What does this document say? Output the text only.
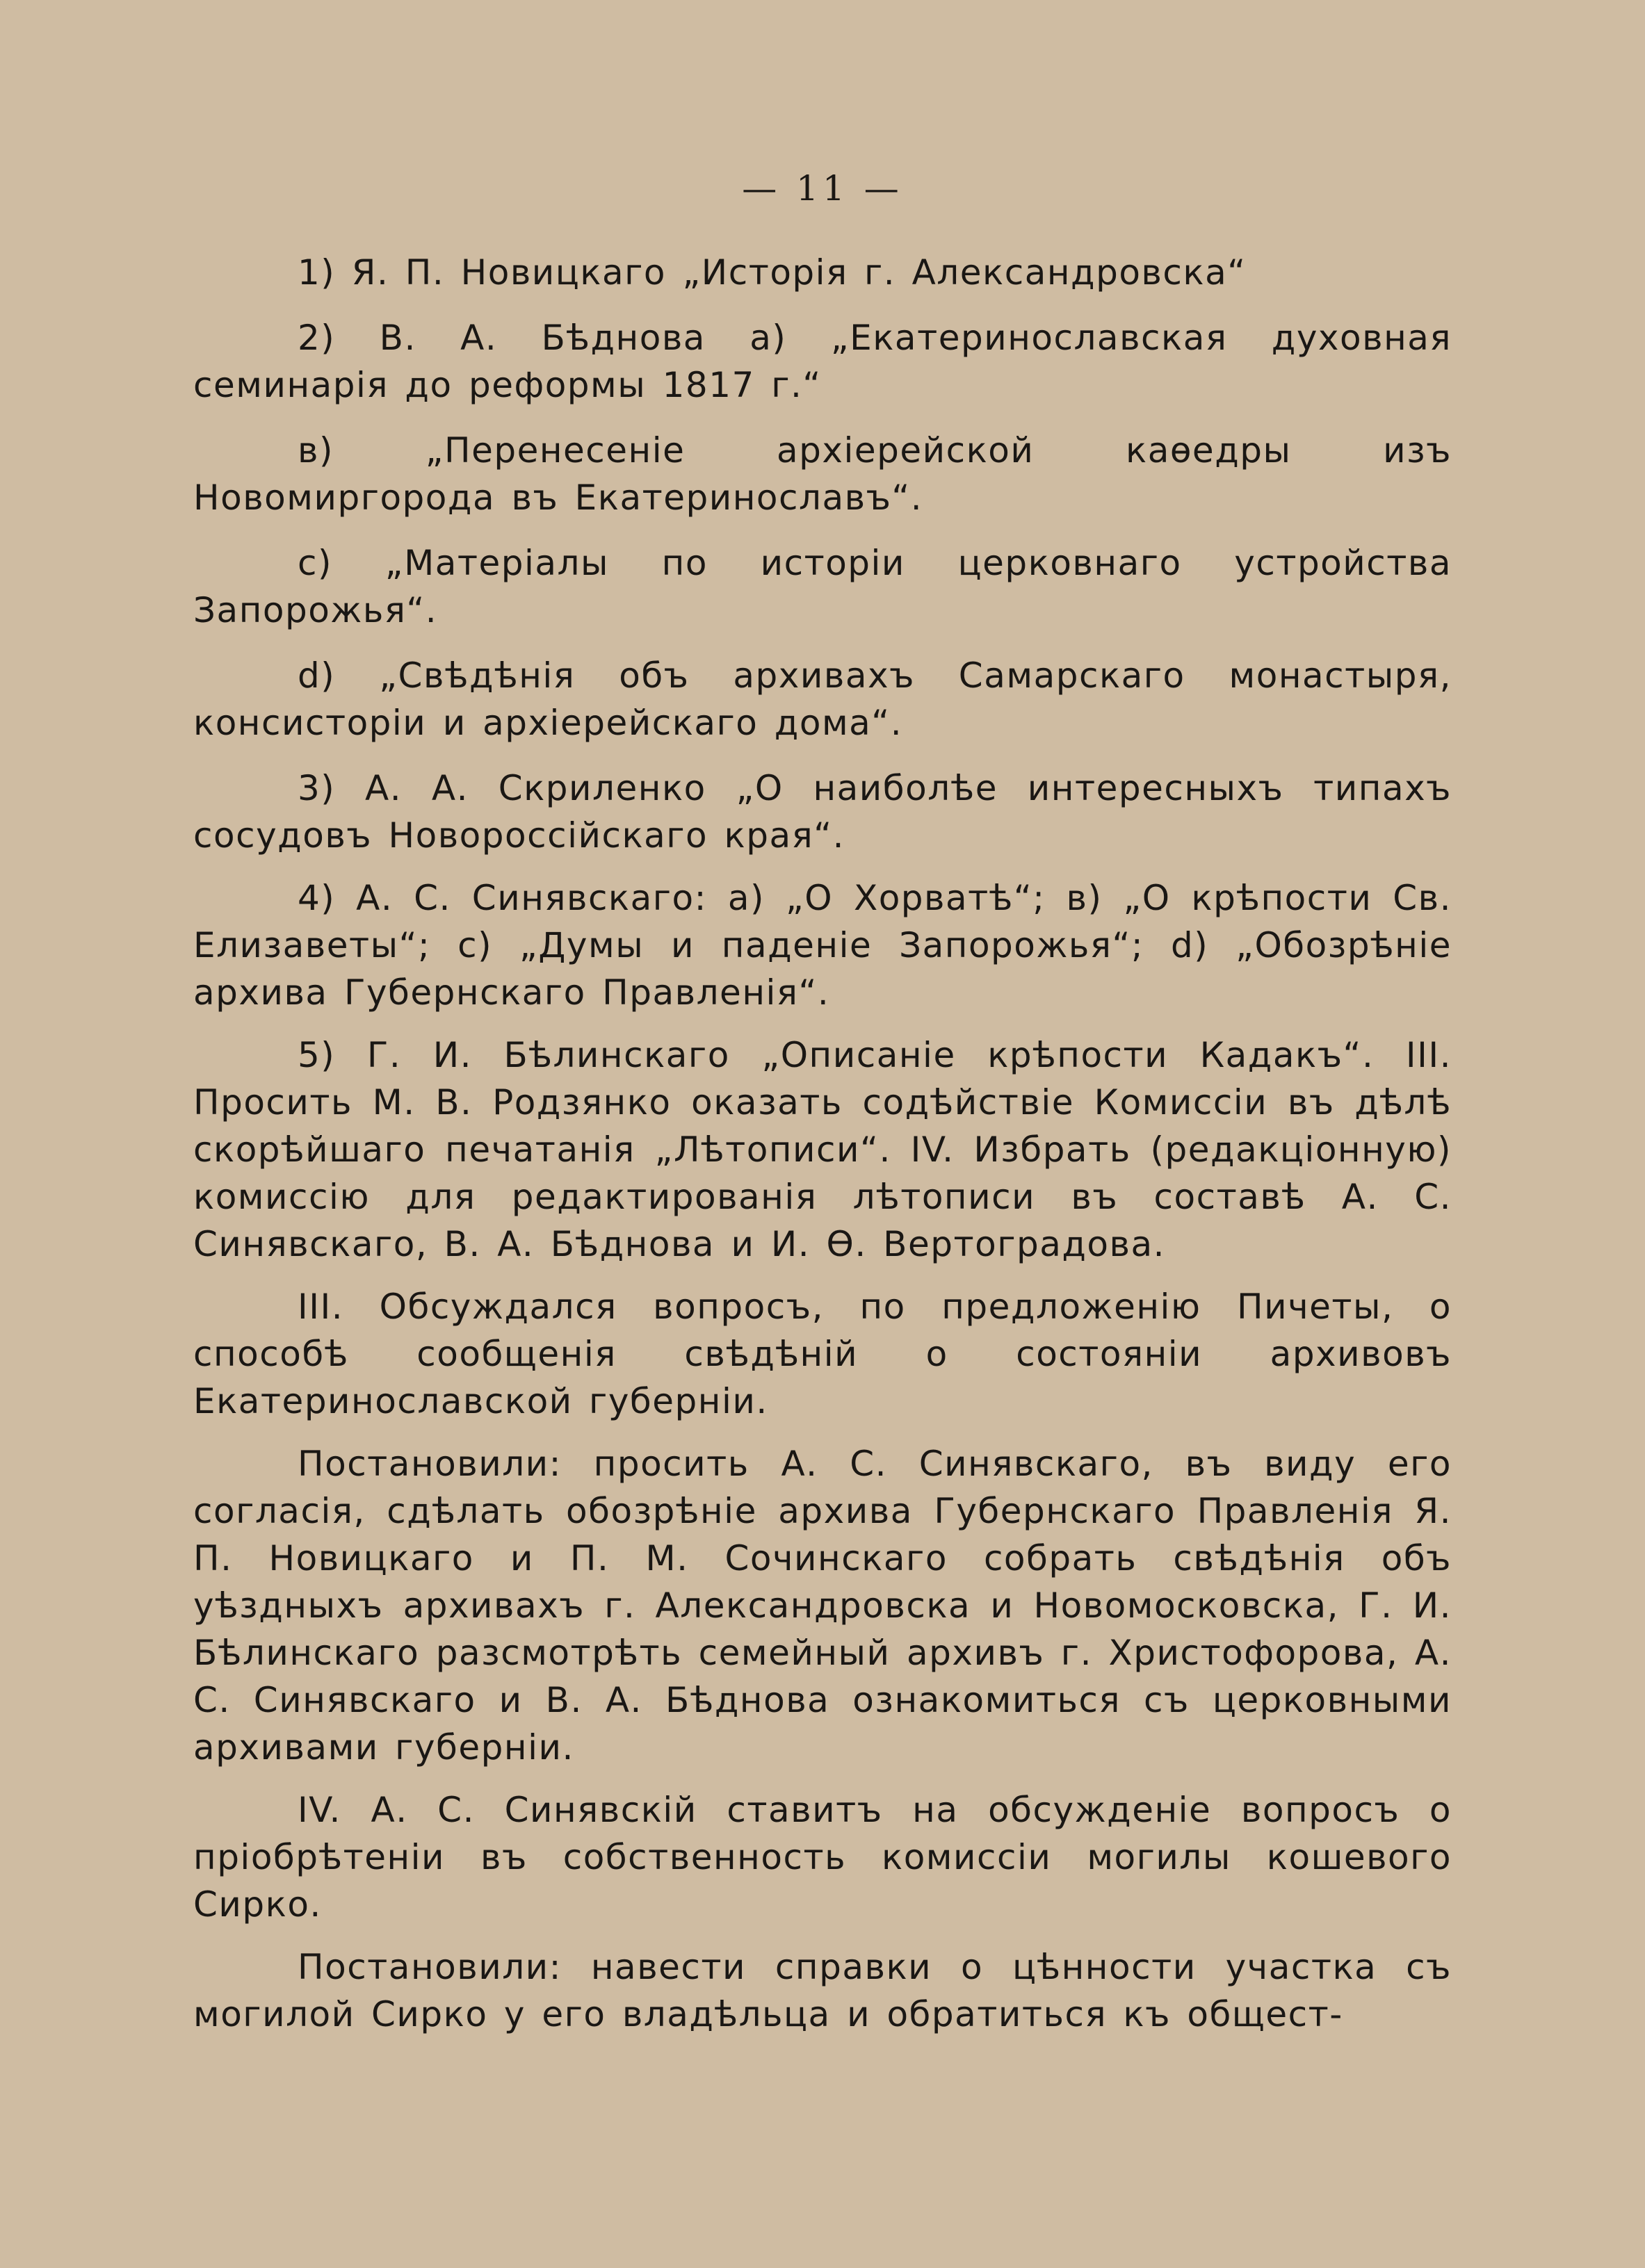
— 11 —

1) Я. П. Новицкаго „Исторія г. Александровска“

2) В. А. Бѣднова а) „Екатеринославская духовная семинарія до реформы 1817 г.“

в) „Перенесеніе архіерейской каѳедры изъ Новомиргорода въ Екатеринославъ“.

с) „Матеріалы по исторіи церковнаго устройства Запорожья“.

d) „Свѣдѣнія объ архивахъ Самарскаго монастыря, консисторіи и архіерейскаго дома“.

3) А. А. Скриленко „О наиболѣе интересныхъ типахъ сосудовъ Новороссійскаго края“.

4) А. С. Синявскаго: а) „О Хорватѣ“; в) „О крѣпости Св. Елизаветы“; с) „Думы и паденіе Запорожья“; d) „Обозрѣніе архива Губернскаго Правленія“.

5) Г. И. Бѣлинскаго „Описаніе крѣпости Кадакъ“. III. Просить М. В. Родзянко оказать содѣйствіе Комиссіи въ дѣлѣ скорѣйшаго печатанія „Лѣтописи“. IV. Избрать (редакціонную) комиссію для редактированія лѣтописи въ составѣ А. С. Синявскаго, В. А. Бѣднова и И. Ѳ. Вертоградова.

III. Обсуждался вопросъ, по предложенію Пичеты, о способѣ сообщенія свѣдѣній о состояніи архивовъ Екатеринославской губерніи.

Постановили: просить А. С. Синявскаго, въ виду его согласія, сдѣлать обозрѣніе архива Губернскаго Правленія Я. П. Новицкаго и П. М. Сочинскаго собрать свѣдѣнія объ уѣздныхъ архивахъ г. Александровска и Новомосковска, Г. И. Бѣлинскаго разсмотрѣть семейный архивъ г. Христофорова, А. С. Синявскаго и В. А. Бѣднова ознакомиться съ церковными архивами губерніи.

IV. А. С. Синявскій ставитъ на обсужденіе вопросъ о пріобрѣтеніи въ собственность комиссіи могилы кошевого Сирко.

Постановили: навести справки о цѣнности участка съ могилой Сирко у его владѣльца и обратиться къ общест-
